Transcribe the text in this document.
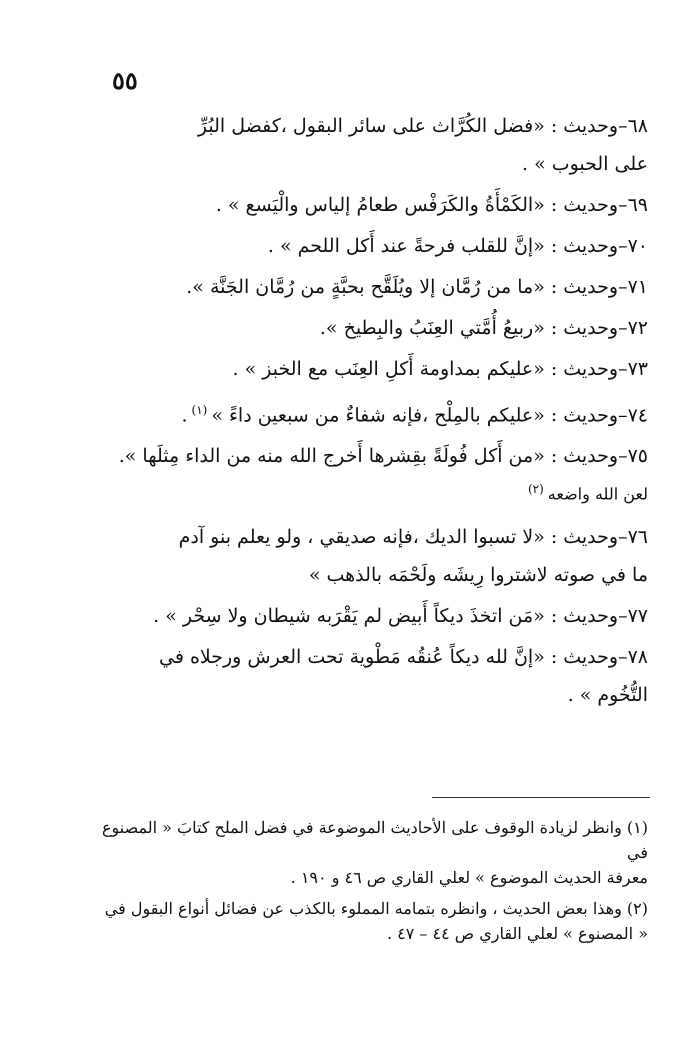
٥٥

٦٨–وحديث:«فضل الكُرَّاث على سائر البقول ،كفضل البُرِّ
على الحبوب » .

٦٩–وحديث:«الكَمْأَةُ والكَرَفْس طعامُ إلياس والْيَسع » .

٧٠–وحديث:«إنَّ للقلب فرحةً عند أَكل اللحم » .

٧١–وحديث:«ما من رُمَّان إلا ويُلَقَّح بحبَّةٍ من رُمَّان الجَنَّة ».

٧٢–وحديث:«ربيعُ أُمَّتي العِنَبُ والبِطيخ ».

٧٣–وحديث:«عليكم بمداومة أَكلِ العِنَب مع الخبز » .

٧٤–وحديث:«عليكم بالمِلْح ،فإنه شفاءٌ من سبعين داءً »$^{(١)}$.

٧٥–وحديث:«من أَكل فُولَةً بقِشرها أَخرج الله منه من الداء مِثلَها ».

لعن الله واضعه$^{(٢)}$

٧٦–وحديث:«لا تسبوا الديك ،فإنه صديقي ، ولو يعلم بنو آدم
ما في صوته لاشتروا رِيشَه ولَحْمَه بالذهب »

٧٧–وحديث:«مَن اتخذَ ديكاً أَبيض لم يَقْرَبه شيطان ولا سِحْر » .

٧٨–وحديث:«إنَّ لله ديكاً عُنقُه مَطْوية تحت العرش ورجلاه في
التُّخُوم » .

(١) وانظر لزيادة الوقوف على الأحاديث الموضوعة في فضل الملح كتابَ « المصنوع في
معرفة الحديث الموضوع » لعلي القاري ص ٤٦ و ١٩٠ .

(٢) وهذا بعض الحديث ، وانظره بتمامه المملوء بالكذب عن فضائل أنواع البقول في
« المصنوع » لعلي القاري ص ٤٤ – ٤٧ .
